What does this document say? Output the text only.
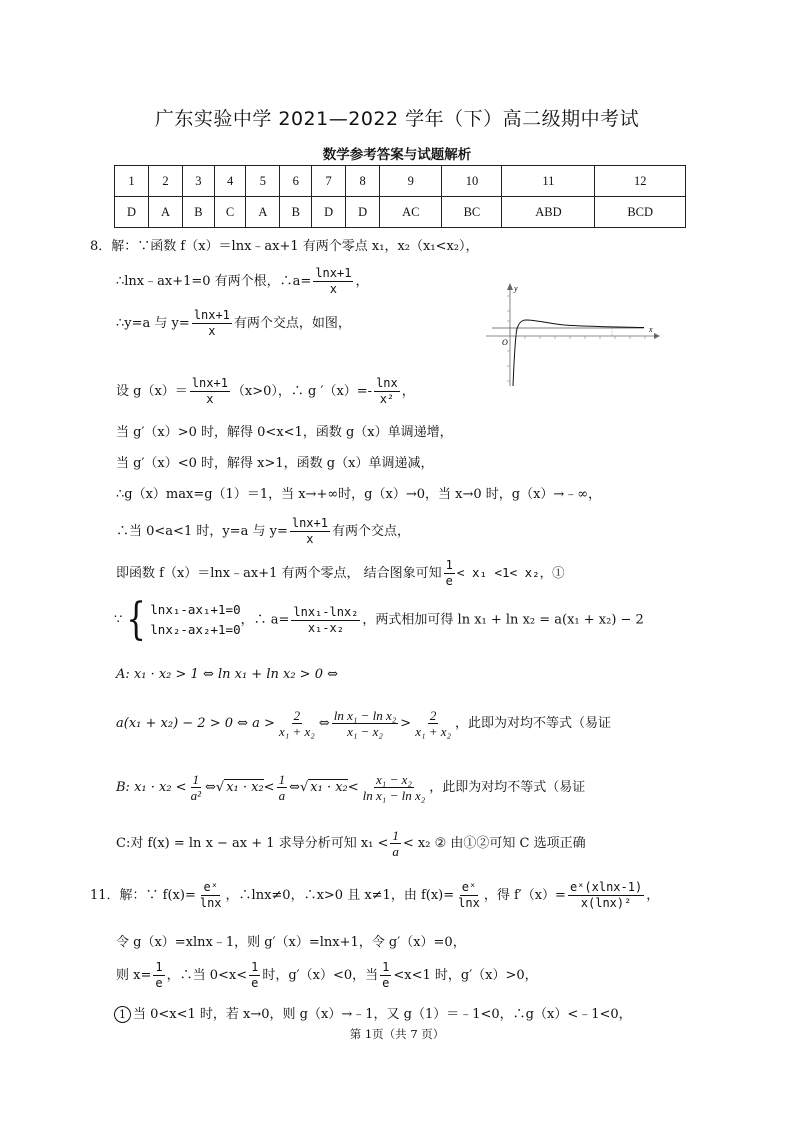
广东实验中学 2021—2022 学年（下）高二级期中考试
数学参考答案与试题解析
1	2	3	4	5	6	7	8	9	10	11	12
D	A	B	C	A	B	D	D	AC	BC	ABD	BCD
8．解：∵函数 f（x）＝lnx﹣ax+1 有两个零点 x₁，x₂（x₁<x₂），
∴lnx﹣ax+1=0 有两个根，∴a= $\frac{\ln x+1}{x}$ ，
∴y=a 与 $y= \frac{\ln x+1}{x}$ 有两个交点，如图，	x
y
O
设 $g(x)= \frac{\ln x+1}{x} (x>0)$，∴ g $'(x)=- \frac{\ln x}{\text{x²}}$ ，
当 g′（x）>0 时，解得 0<x<1，函数 g（x）单调递增，
当 g′（x）<0 时，解得 x>1，函数 g（x）单调递减，
∴g（x）max=g（1）＝1，当 x→+∞时，g（x）→0，当 x→0 时，g（x）→﹣∞，
∴当 0<a<1 时，y=a 与 $y= \frac{\ln x+1}{x}$ 有两个交点，
即函数 f（x）＝lnx﹣ax+1 有两个零点， 结合图象可知 $\frac{1}{e} < x_1 <1< x_2$，①
∵{ lnx₁-ax₁+1=0
lnx₂-ax₂+1=0
，∴ $a= \frac{\text{lnx₁-lnx₂}}{\text{x₁-x₂}}$ ，两式相加可得 ln x₁ + ln x₂ = a(x₁ + x₂) − 2
A: x₁ · x₂ > 1 ⇔ ln x₁ + ln x₂ > 0 ⇔
a(x₁ + x₂) − 2 > 0 ⇔ $a > \frac{2}{\text{x₁ + x₂}}$ ⇔ $\frac{\text{ln x₁ − ln x₂}}{\text{x₁ − x₂}} > \frac{2}{\text{x₁ + x₂}}$ ，此即为对均不等式（易证
B: $x_1 \cdot x_2 < \frac{1}{\text{a²}}$ ⇔√ $x_1 \cdot x_2< \frac{1}{a}$ ⇔√ $x_1 \cdot x_2< \frac{\text{x₁ − x₂}}{\text{ln x₁ − ln x₂}}$ ，此即为对均不等式（易证
C:对 f(x) = ln x − ax + 1 求导分析可知 $x_1 < \frac{1}{a} < x_2$ ② 由①②可知 C 选项正确
11．解：∵ $f(x)= \frac{\text{eˣ}}{\ln x}$ ，∴lnx≠0，∴x>0 且 x≠1，由 $f(x)= \frac{\text{eˣ}}{\ln x}$ ，得 $f'(x)= \frac{\text{eˣ(xlnx-1)}}{\text{x(lnx)²}}$ ，
令 g（x）=xlnx﹣1，则 g′（x）=lnx+1，令 g′（x）=0，
则 $x= \frac{1}{e}$ ，∴当 $0<x< \frac{1}{e}$ 时，g′（x）<0，当 $\frac{1}{e} <x<1$ 时，g′（x）>0，
1 当 0<x<1 时，若 x→0，则 g（x）→﹣1，又 g（1）＝﹣1<0，∴g（x）<﹣1<0，
第 1页（共 7 页）
